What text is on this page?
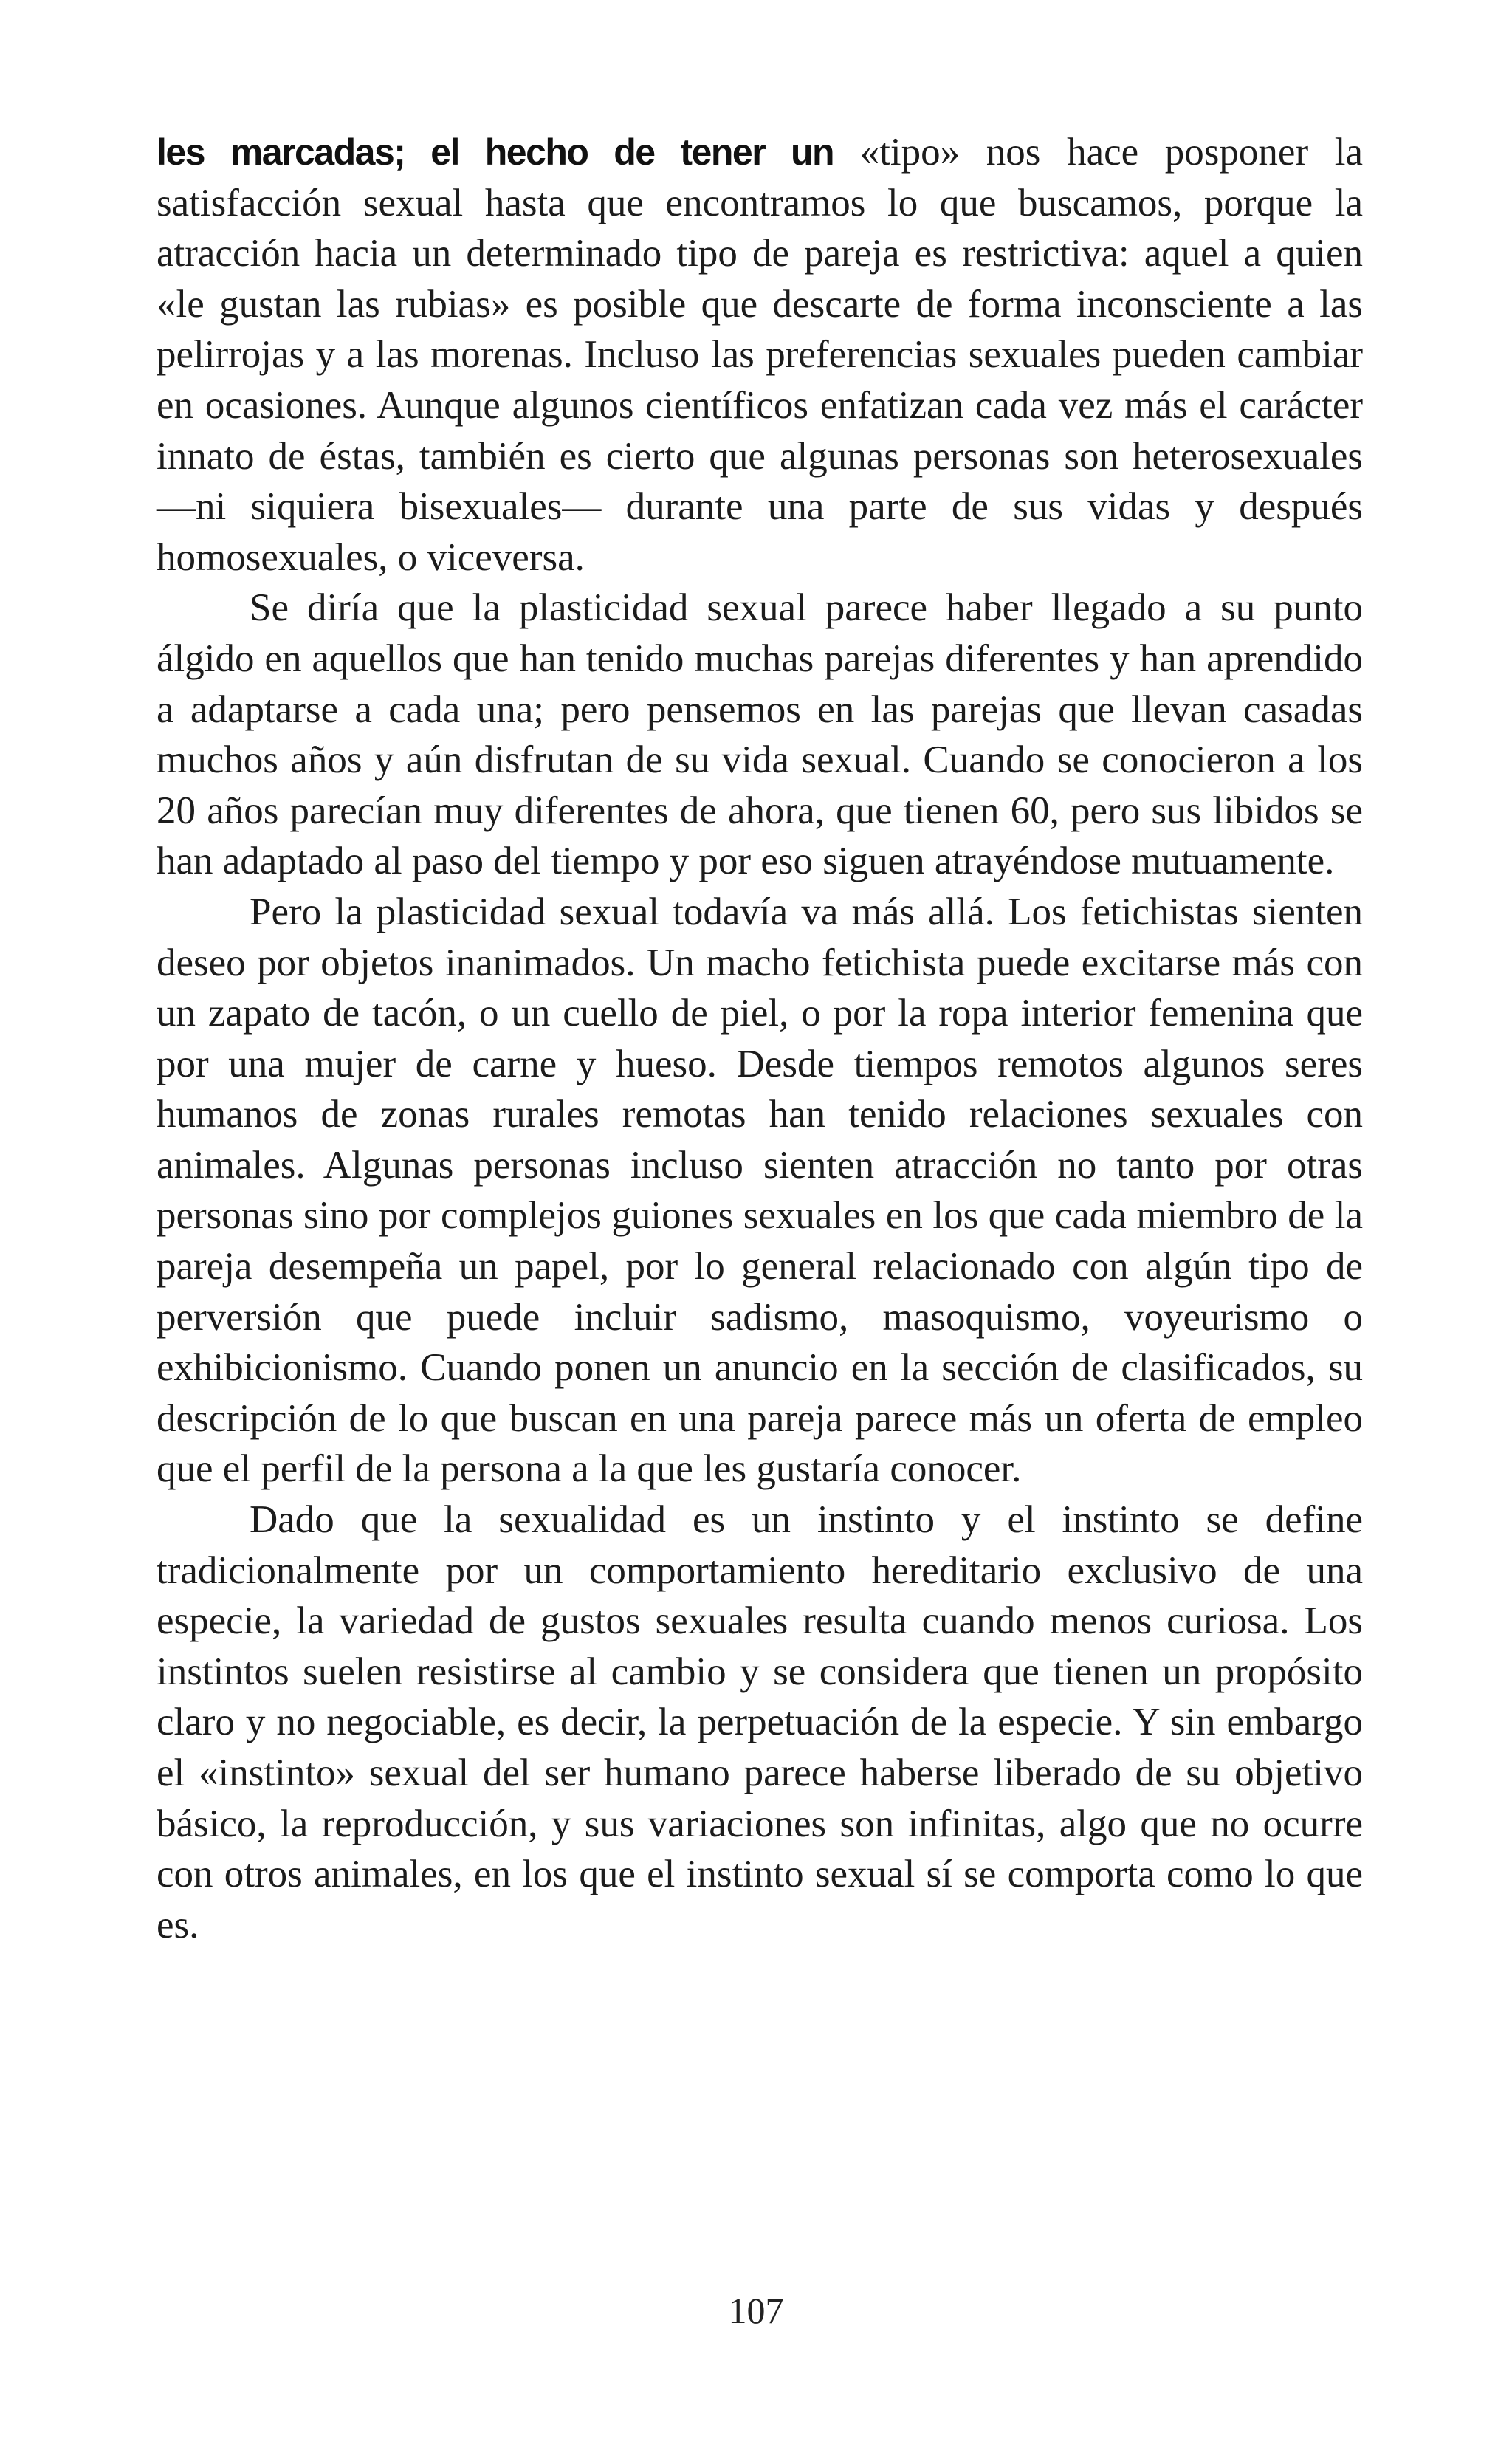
les marcadas; el hecho de tener un «tipo» nos hace posponer la satisfacción sexual hasta que encontramos lo que buscamos, porque la atracción hacia un determinado tipo de pareja es restrictiva: aquel a quien «le gustan las rubias» es posible que descarte de forma inconsciente a las pelirrojas y a las morenas. Incluso las preferencias sexuales pueden cambiar en ocasiones. Aunque algunos científicos enfatizan cada vez más el carácter innato de éstas, también es cierto que algunas personas son heterosexuales —ni siquiera bisexuales— durante una parte de sus vidas y después homosexuales, o viceversa.

Se diría que la plasticidad sexual parece haber llegado a su punto álgido en aquellos que han tenido muchas parejas diferentes y han aprendido a adaptarse a cada una; pero pensemos en las parejas que llevan casadas muchos años y aún disfrutan de su vida sexual. Cuando se conocieron a los 20 años parecían muy diferentes de ahora, que tienen 60, pero sus libidos se han adaptado al paso del tiempo y por eso siguen atrayéndose mutuamente.

Pero la plasticidad sexual todavía va más allá. Los fetichistas sienten deseo por objetos inanimados. Un macho fetichista puede excitarse más con un zapato de tacón, o un cuello de piel, o por la ropa interior femenina que por una mujer de carne y hueso. Desde tiempos remotos algunos seres humanos de zonas rurales remotas han tenido relaciones sexuales con animales. Algunas personas incluso sienten atracción no tanto por otras personas sino por complejos guiones sexuales en los que cada miembro de la pareja desempeña un papel, por lo general relacionado con algún tipo de perversión que puede incluir sadismo, masoquismo, voyeurismo o exhibicionismo. Cuando ponen un anuncio en la sección de clasificados, su descripción de lo que buscan en una pareja parece más un oferta de empleo que el perfil de la persona a la que les gustaría conocer.

Dado que la sexualidad es un instinto y el instinto se define tradicionalmente por un comportamiento hereditario exclusivo de una especie, la variedad de gustos sexuales resulta cuando menos curiosa. Los instintos suelen resistirse al cambio y se considera que tienen un propósito claro y no negociable, es decir, la perpetuación de la especie. Y sin embargo el «instinto» sexual del ser humano parece haberse liberado de su objetivo básico, la reproducción, y sus variaciones son infinitas, algo que no ocurre con otros animales, en los que el instinto sexual sí se comporta como lo que es.

107
